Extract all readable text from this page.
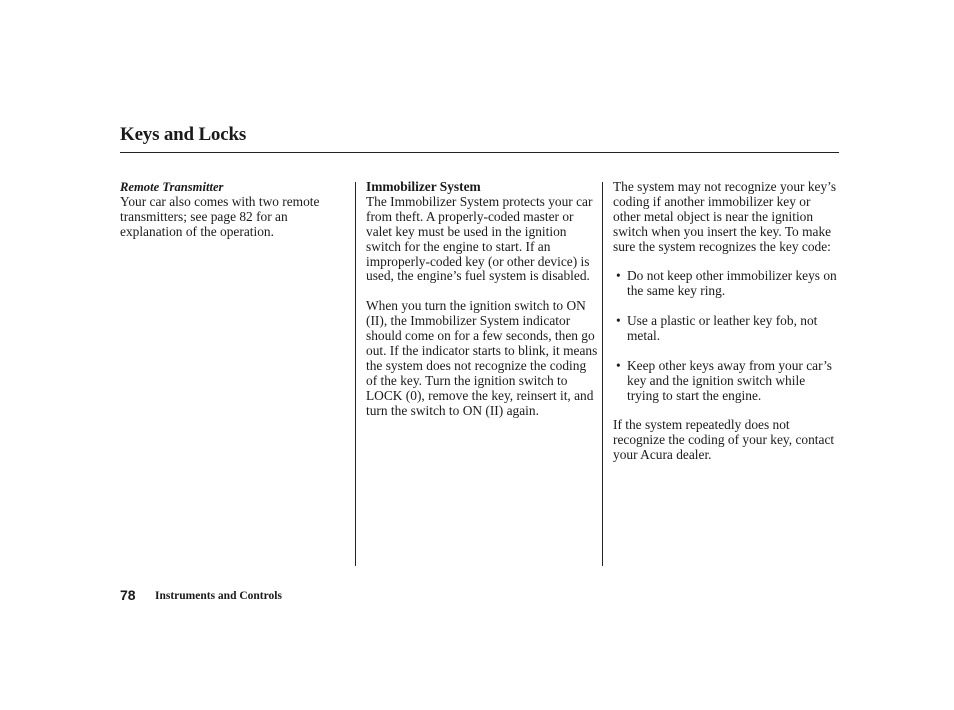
Keys and Locks

Remote Transmitter

Your car also comes with two remote transmitters; see page 82 for an explanation of the operation.

Immobilizer System

The Immobilizer System protects your car from theft. A properly-coded master or valet key must be used in the ignition switch for the engine to start. If an improperly-coded key (or other device) is used, the engine’s fuel system is disabled.

When you turn the ignition switch to ON (II), the Immobilizer System indicator should come on for a few seconds, then go out. If the indicator starts to blink, it means the system does not recognize the coding of the key. Turn the ignition switch to LOCK (0), remove the key, reinsert it, and turn the switch to ON (II) again.

The system may not recognize your key’s coding if another immobilizer key or other metal object is near the ignition switch when you insert the key. To make sure the system recognizes the key code:

• Do not keep other immobilizer keys on the same key ring.
• Use a plastic or leather key fob, not metal.
• Keep other keys away from your car’s key and the ignition switch while trying to start the engine.

If the system repeatedly does not recognize the coding of your key, contact your Acura dealer.

78 Instruments and Controls
